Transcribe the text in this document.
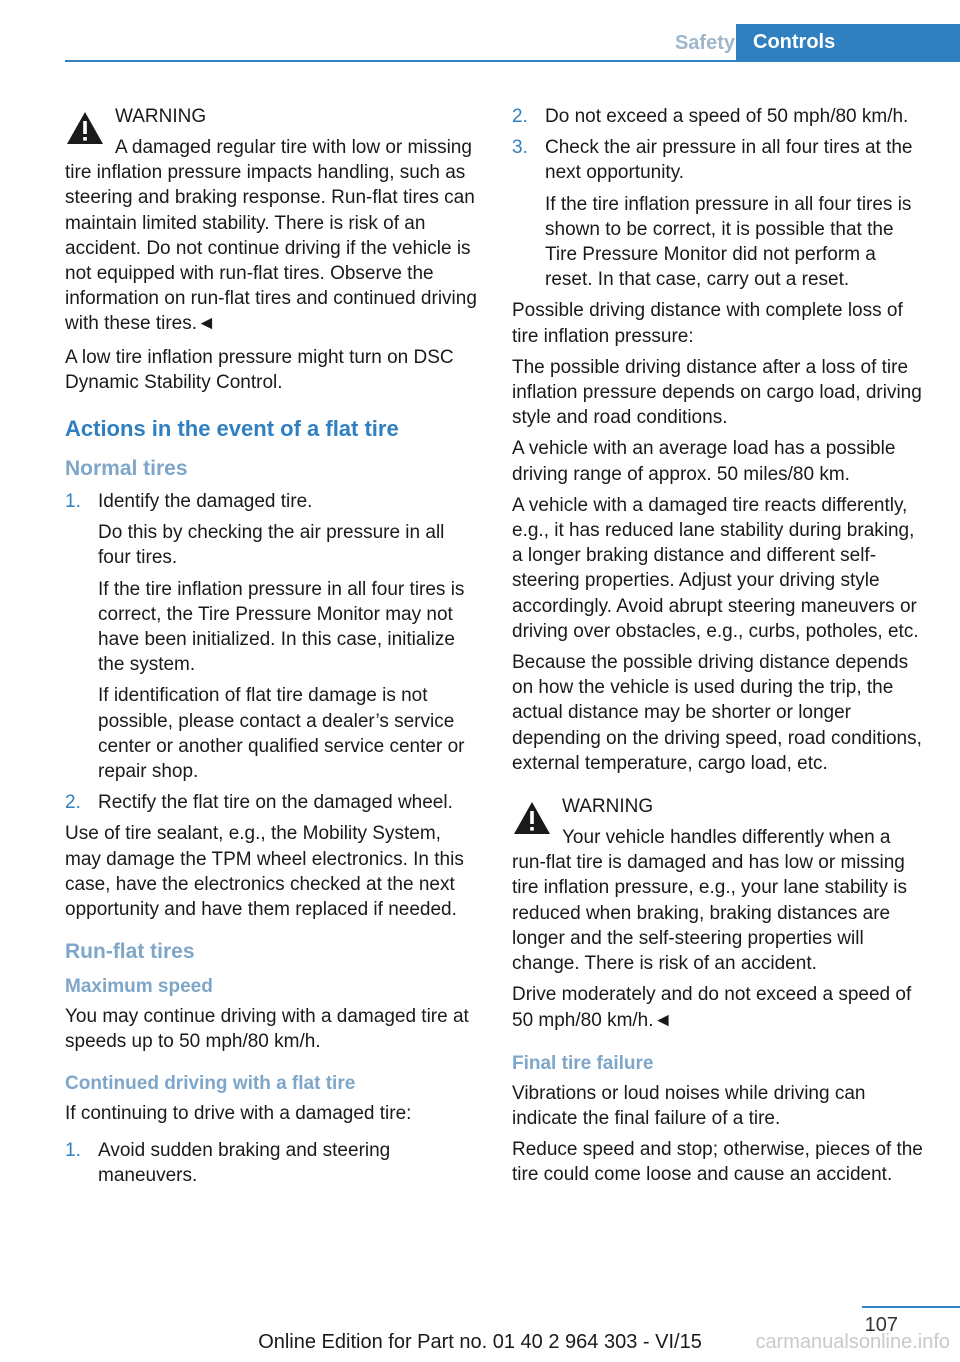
Safety Controls
WARNING

A damaged regular tire with low or missing tire inflation pressure impacts handling, such as steering and braking response. Run-flat tires can maintain limited stability. There is risk of an accident. Do not continue driving if the vehicle is not equipped with run-flat tires. Observe the information on run-flat tires and continued driving with these tires.◄

A low tire inflation pressure might turn on DSC Dynamic Stability Control.

Actions in the event of a flat tire
Normal tires
1. Identify the damaged tire.

Do this by checking the air pressure in all four tires.

If the tire inflation pressure in all four tires is correct, the Tire Pressure Monitor may not have been initialized. In this case, initialize the system.

If identification of flat tire damage is not possible, please contact a dealer’s service center or another qualified service center or repair shop.

2. Rectify the flat tire on the damaged wheel.

Use of tire sealant, e.g., the Mobility System, may damage the TPM wheel electronics. In this case, have the electronics checked at the next opportunity and have them replaced if needed.

Run-flat tires
Maximum speed

You may continue driving with a damaged tire at speeds up to 50 mph/80 km/h.

Continued driving with a flat tire

If continuing to drive with a damaged tire:

1. Avoid sudden braking and steering maneuvers.

2. Do not exceed a speed of 50 mph/80 km/h.

3. Check the air pressure in all four tires at the next opportunity.

If the tire inflation pressure in all four tires is shown to be correct, it is possible that the Tire Pressure Monitor did not perform a reset. In that case, carry out a reset.

Possible driving distance with complete loss of tire inflation pressure:

The possible driving distance after a loss of tire inflation pressure depends on cargo load, driving style and road conditions.

A vehicle with an average load has a possible driving range of approx. 50 miles/80 km.

A vehicle with a damaged tire reacts differently, e.g., it has reduced lane stability during braking, a longer braking distance and different self-steering properties. Adjust your driving style accordingly. Avoid abrupt steering maneuvers or driving over obstacles, e.g., curbs, potholes, etc.

Because the possible driving distance depends on how the vehicle is used during the trip, the actual distance may be shorter or longer depending on the driving speed, road conditions, external temperature, cargo load, etc.

WARNING

Your vehicle handles differently when a run-flat tire is damaged and has low or missing tire inflation pressure, e.g., your lane stability is reduced when braking, braking distances are longer and the self-steering properties will change. There is risk of an accident.

Drive moderately and do not exceed a speed of 50 mph/80 km/h.◄

Final tire failure

Vibrations or loud noises while driving can indicate the final failure of a tire.

Reduce speed and stop; otherwise, pieces of the tire could come loose and cause an accident.

107
Online Edition for Part no. 01 40 2 964 303 - VI/15	carmanualsonline.info
